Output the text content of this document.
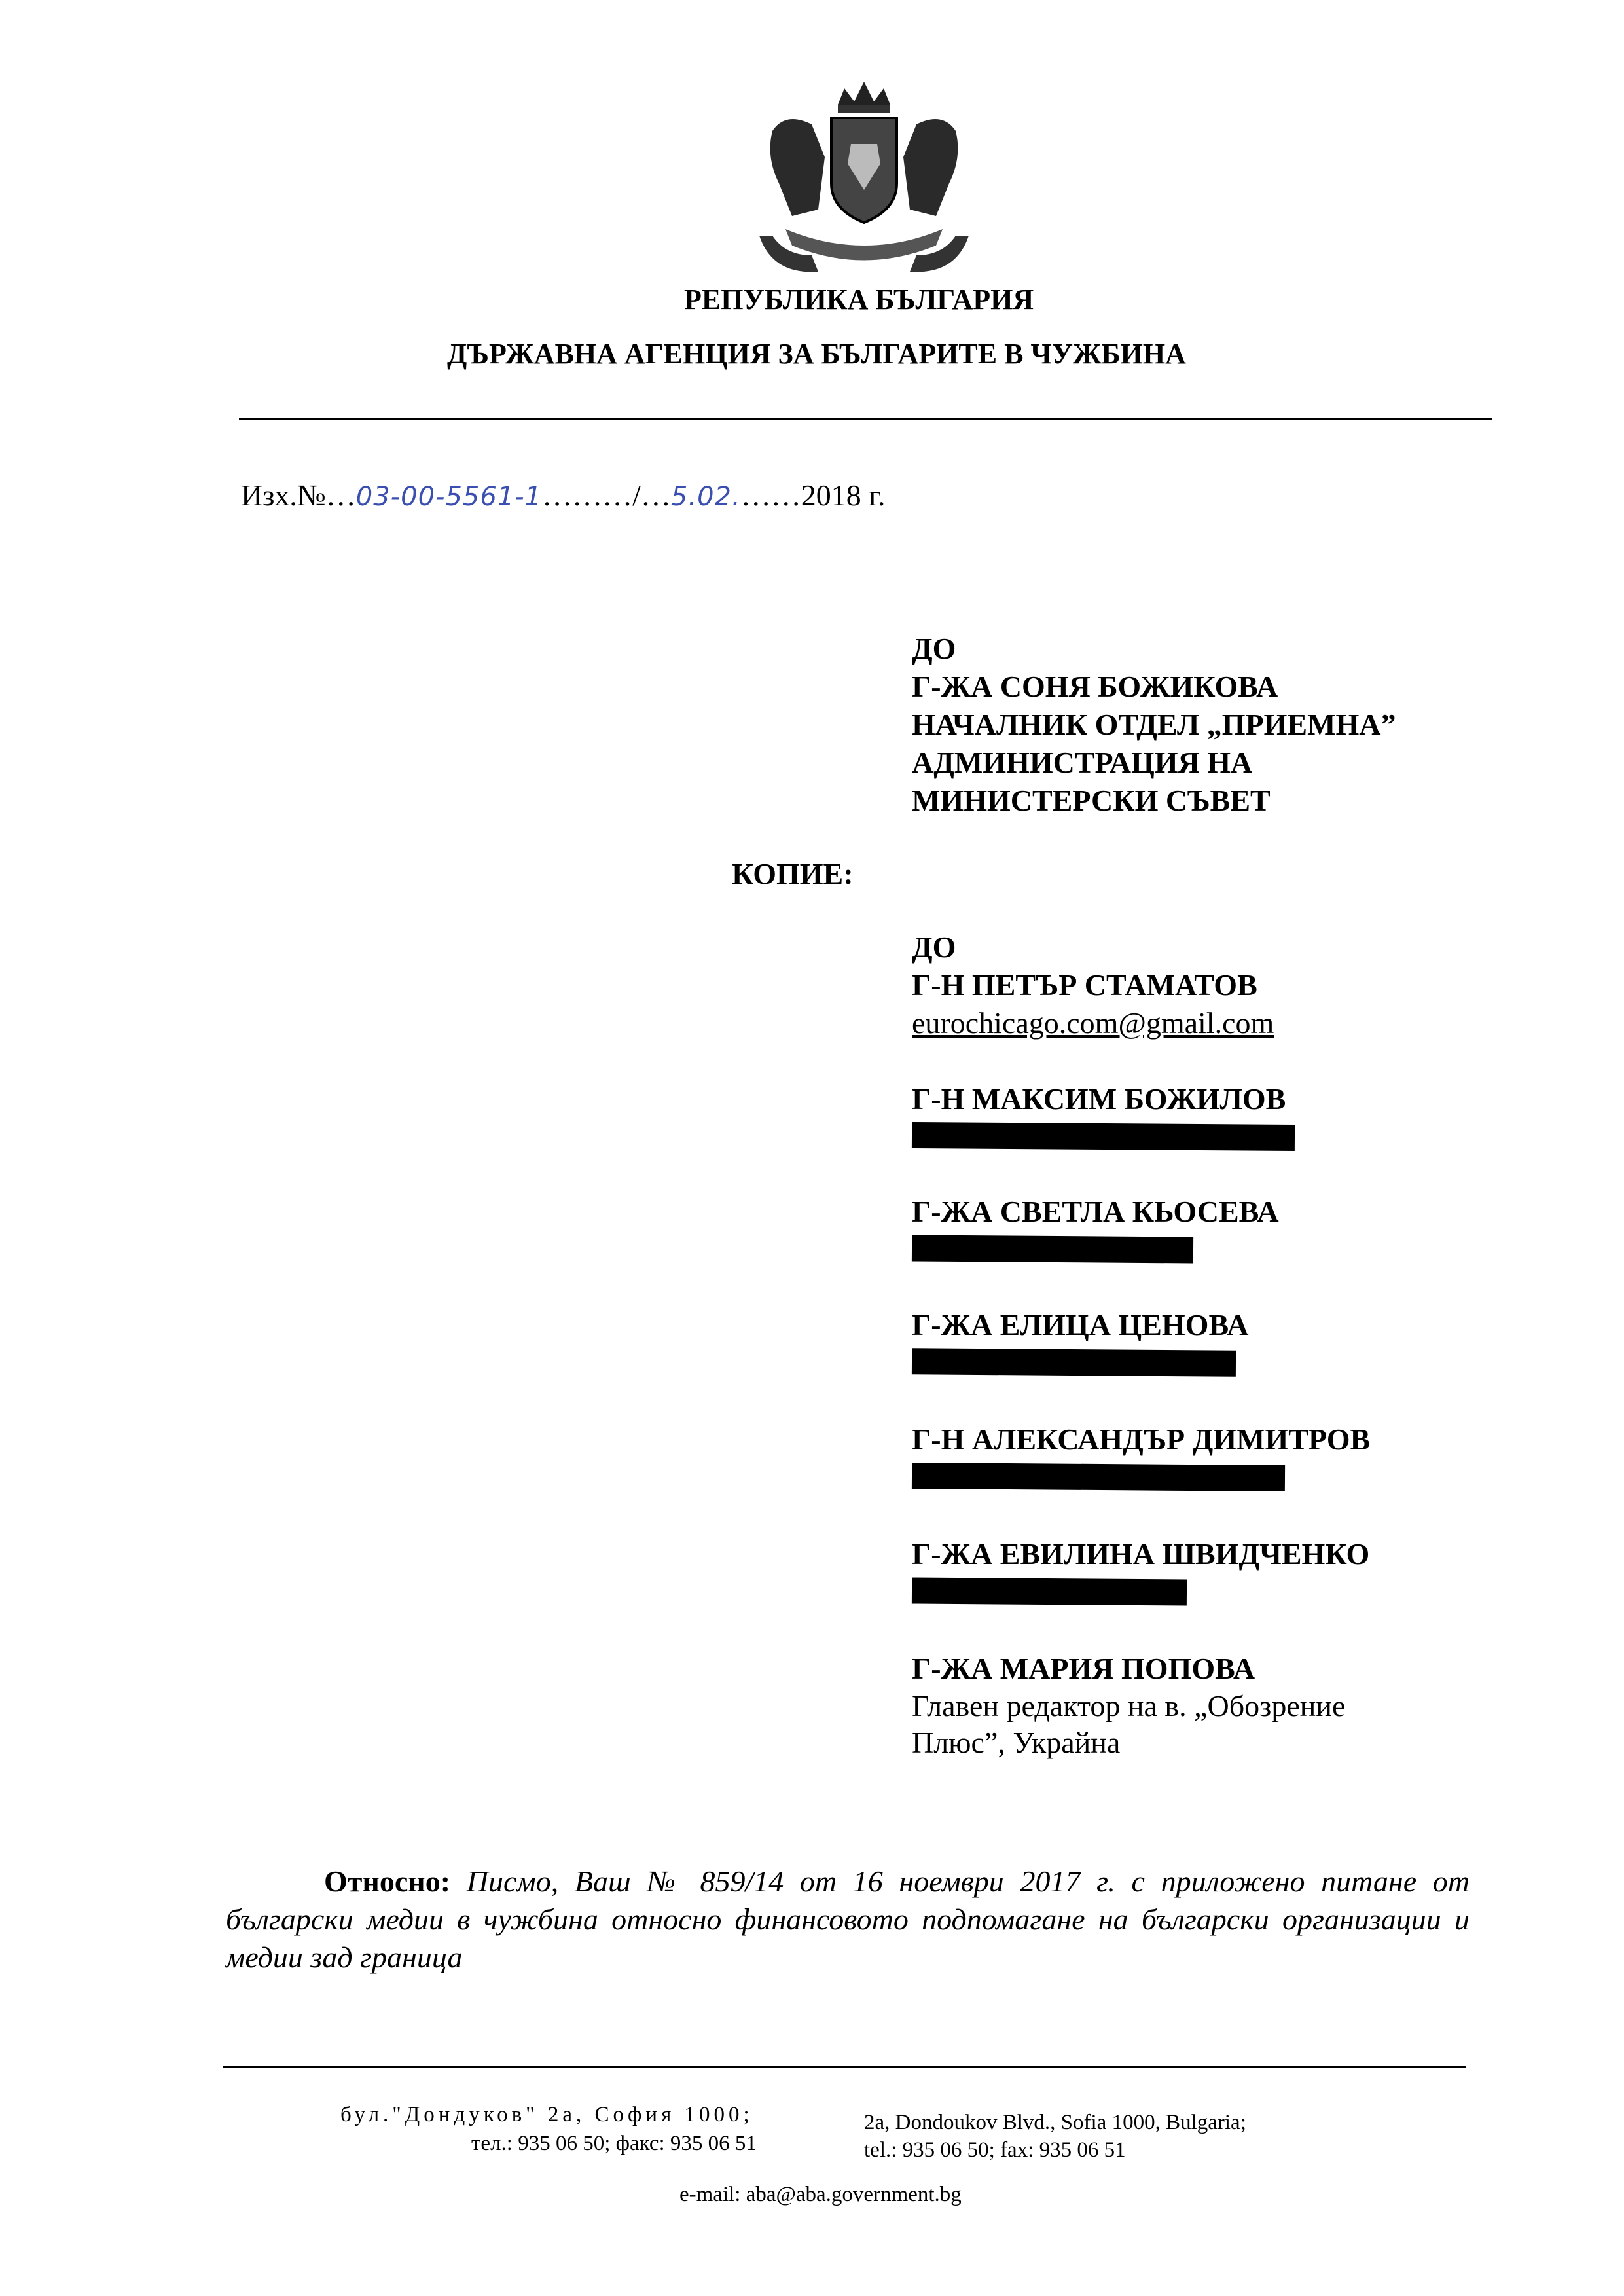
РЕПУБЛИКА БЪЛГАРИЯ
ДЪРЖАВНА АГЕНЦИЯ ЗА БЪЛГАРИТЕ В ЧУЖБИНА
Изх.№…03-00-5561-1………/…5.02.……2018 г.
ДО
Г-ЖА СОНЯ БОЖИКОВА
НАЧАЛНИК ОТДЕЛ „ПРИЕМНА”
АДМИНИСТРАЦИЯ НА
МИНИСТЕРСКИ СЪВЕТ
КОПИЕ:
ДО
Г-Н ПЕТЪР СТАМАТОВ
eurochicago.com@gmail.com
Г-Н МАКСИМ БОЖИЛОВ
Г-ЖА СВЕТЛА КЬОСЕВА
Г-ЖА ЕЛИЦА ЦЕНОВА
Г-Н АЛЕКСАНДЪР ДИМИТРОВ
Г-ЖА ЕВИЛИНА ШВИДЧЕНКО
Г-ЖА МАРИЯ ПОПОВА
Главен редактор на в. „Обозрение
Плюс”, Украйна
Относно: Писмо, Ваш № 859/14 от 16 ноември 2017 г. с приложено питане от български медии в чужбина относно финансовото подпомагане на български организации и медии зад граница
бул."Дондуков" 2а, София 1000;
тел.: 935 06 50; факс: 935 06 51
2a, Dondoukov Blvd., Sofia 1000, Bulgaria;
tel.: 935 06 50; fax: 935 06 51
e-mail: aba@aba.government.bg
